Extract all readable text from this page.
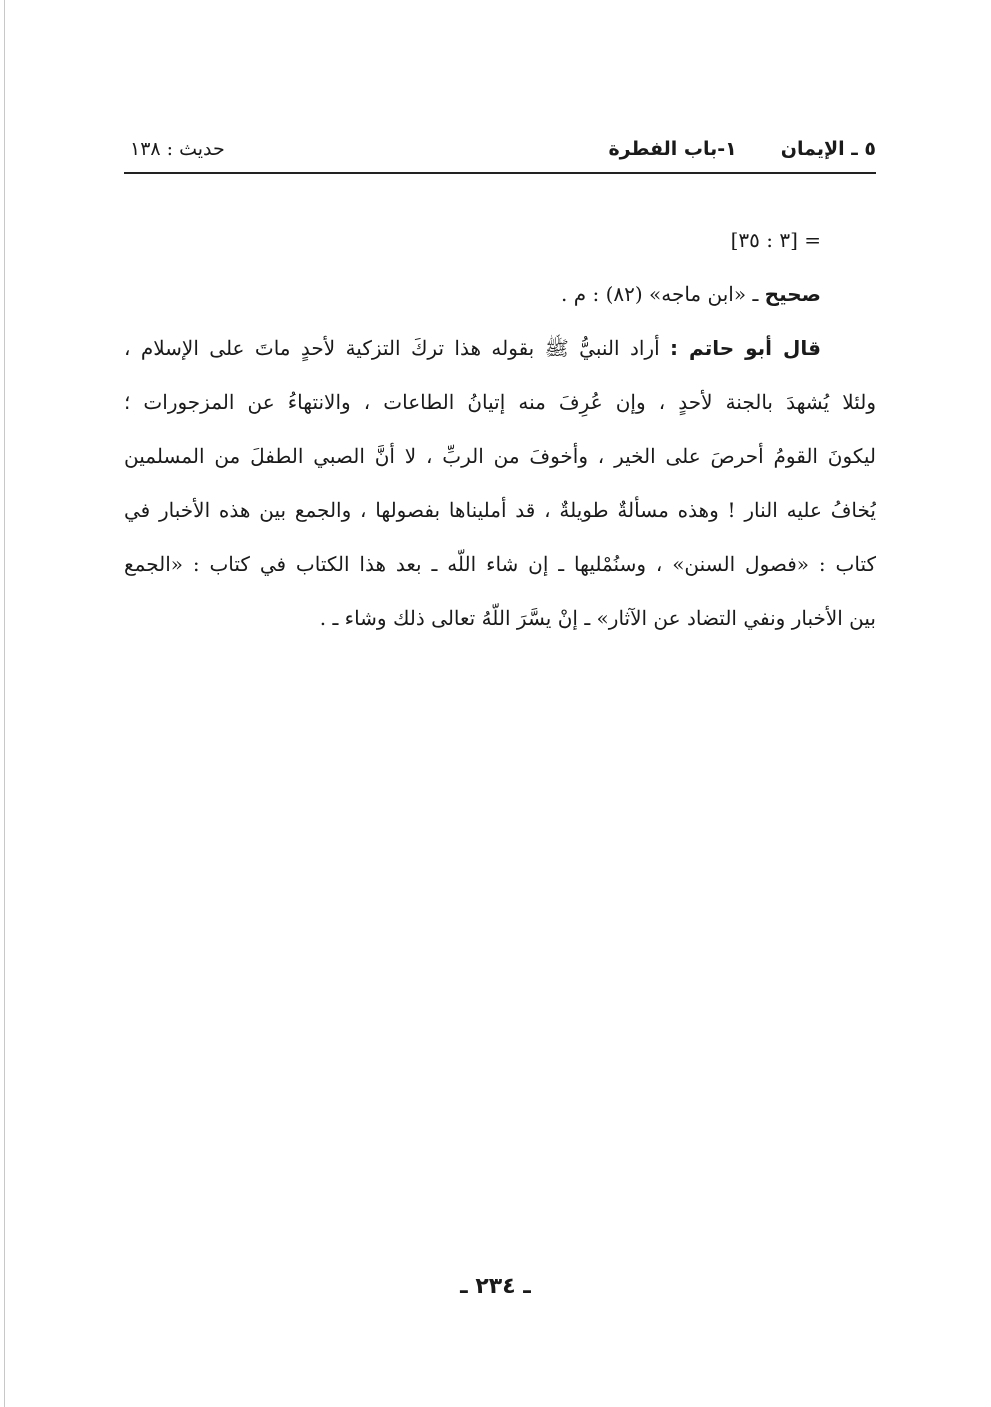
٥ ـ الإيمان
١-باب الفطرة
حديث : ١٣٨
= [٣ : ٣٥]
صحيح ـ «ابن ماجه» (٨٢) : م .
قال أبو حاتم : أراد النبيُّ ﷺ بقوله هذا تركَ التزكية لأحدٍ ماتَ على الإسلام ،
ولئلا يُشهدَ بالجنة لأحدٍ ، وإن عُرِفَ منه إتيانُ الطاعات ، والانتهاءُ عن المزجورات ؛
ليكونَ القومُ أحرصَ على الخير ، وأخوفَ من الربِّ ، لا أنَّ الصبي الطفلَ من المسلمين
يُخافُ عليه النار ! وهذه مسألةٌ طويلةٌ ، قد أمليناها بفصولها ، والجمع بين هذه الأخبار في
كتاب : «فصول السنن» ، وسنُمْليها ـ إن شاء اللّه ـ بعد هذا الكتاب في كتاب : «الجمع
بين الأخبار ونفي التضاد عن الآثار» ـ إنْ يسَّرَ اللّهُ تعالى ذلك وشاء ـ .
ـ ٢٣٤ ـ
